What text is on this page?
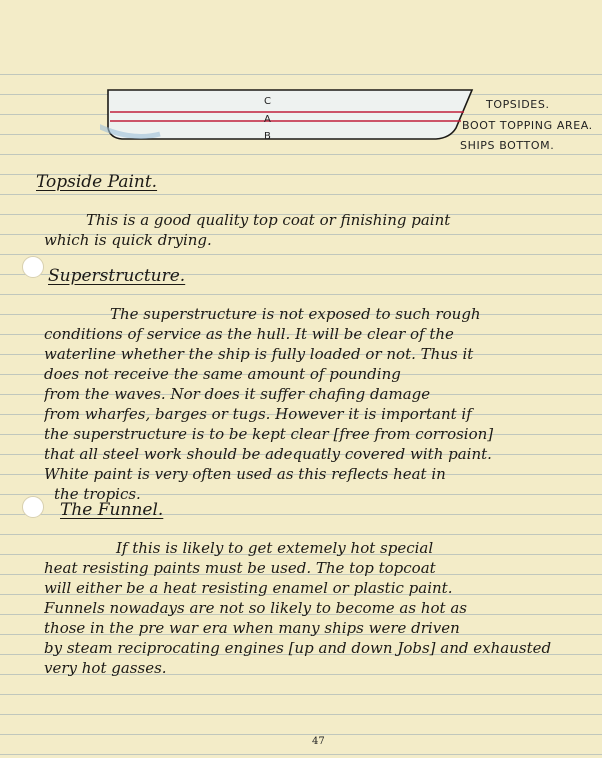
C
A
B
TOPSIDES.
BOOT TOPPING AREA.
SHIPS BOTTOM.
Topside Paint.
This is a good quality top coat or finishing paint
which is quick drying.
Superstructure.
The superstructure is not exposed to such rough
conditions of service as the hull. It will be clear of the
waterline whether the ship is fully loaded or not. Thus it
does not receive the same amount of pounding
from the waves. Nor does it suffer chafing damage
from wharfes, barges or tugs. However it is important if
the superstructure is to be kept clear [free from corrosion]
that all steel work should be adequatly covered with paint.
White paint is very often used as this reflects heat in
the tropics.
The Funnel.
If this is likely to get extemely hot special
heat resisting paints must be used. The top topcoat
will either be a heat resisting enamel or plastic paint.
Funnels nowadays are not so likely to become as hot as
those in the pre war era when many ships were driven
by steam reciprocating engines [up and down Jobs] and exhausted
very hot gasses.
47
